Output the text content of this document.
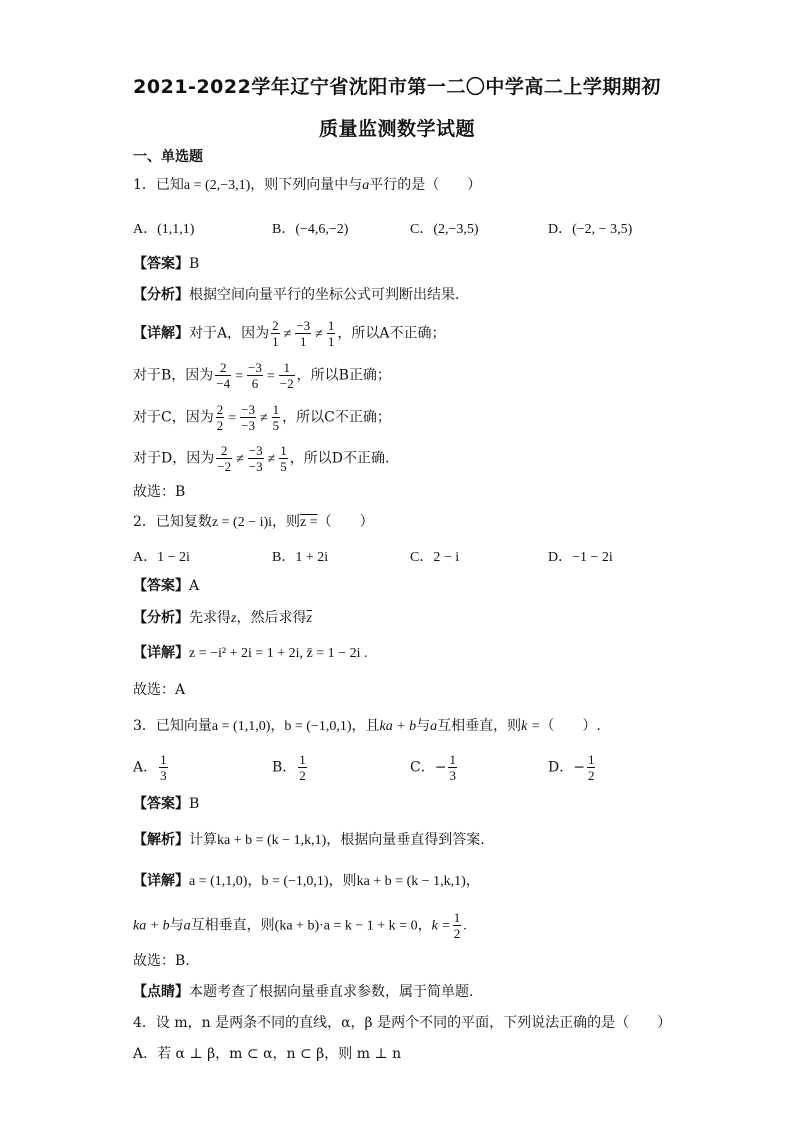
2021-2022学年辽宁省沈阳市第一二〇中学高二上学期期初
质量监测数学试题
一、单选题
1．已知a = (2,−3,1)，则下列向量中与a平行的是（　　）
A．(1,1,1)	B．(−4,6,−2)	C．(2,−3,5)	D．(−2, − 3,5)
【答案】B
【分析】根据空间向量平行的坐标公式可判断出结果.
【详解】对于A，因为 $\frac{2}{1} \ne \frac{-3}{1} \ne \frac{1}{1}$ ，所以A不正确；
对于B，因为 $\frac{2}{-4} = \frac{-3}{6} = \frac{1}{-2}$ ，所以B正确；
对于C，因为 $\frac{2}{2} = \frac{-3}{-3} \ne \frac{1}{5}$ ，所以C不正确；
对于D，因为 $\frac{2}{-2} \ne \frac{-3}{-3} \ne \frac{1}{5}$ ，所以D不正确.
故选：B
2．已知复数z = (2 − i)i，则z =（　　）
A．1 − 2i	B．1 + 2i	C．2 − i	D．−1 − 2i
【答案】A
【分析】先求得z，然后求得$\overline{z}$
【详解】z = −i² + 2i = 1 + 2i, z̄ = 1 − 2i .
故选：A
3．已知向量a = (1,1,0)，b = (−1,0,1)，且ka + b与a互相垂直，则k =（　　）.
A． $\frac{1}{3}$	B． $\frac{1}{2}$	C．− $\frac{1}{3}$	D．− $\frac{1}{2}$
【答案】B
【解析】计算ka + b = (k − 1,k,1)，根据向量垂直得到答案.
【详解】a = (1,1,0)，b = (−1,0,1)，则ka + b = (k − 1,k,1)，
ka + b与a互相垂直，则(ka + b)·a = k − 1 + k = 0，$k = \frac{1}{2}$ .
故选：B.
【点睛】本题考查了根据向量垂直求参数，属于简单题.
4．设 m，n 是两条不同的直线，α，β 是两个不同的平面，下列说法正确的是（　　）
A．若 α ⊥ β，m ⊂ α，n ⊂ β，则 m ⊥ n
